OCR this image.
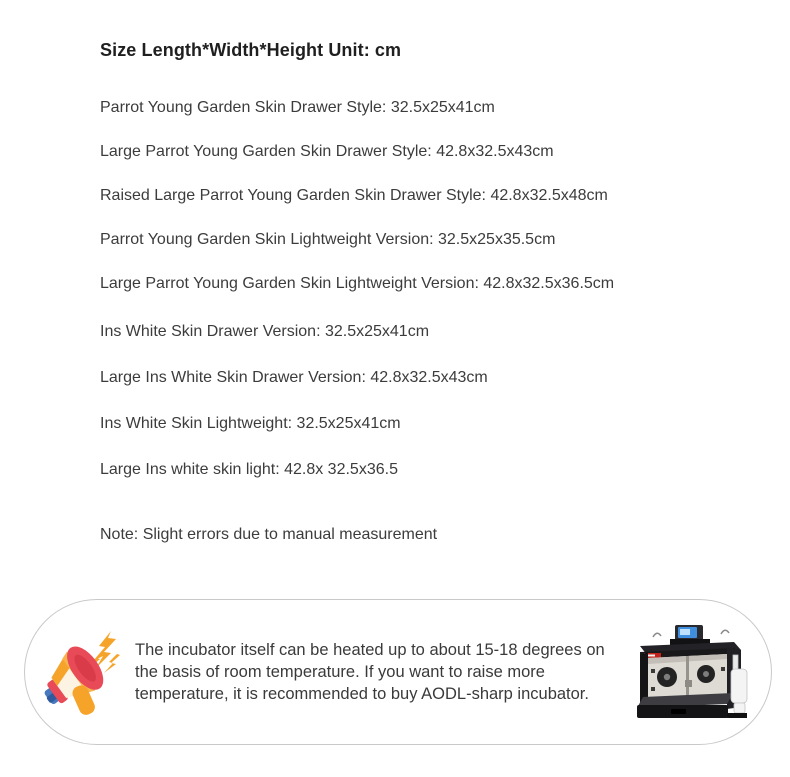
Size Length*Width*Height Unit: cm
Parrot Young Garden Skin Drawer Style: 32.5x25x41cm
Large Parrot Young Garden Skin Drawer Style: 42.8x32.5x43cm
Raised Large Parrot Young Garden Skin Drawer Style: 42.8x32.5x48cm
Parrot Young Garden Skin Lightweight Version: 32.5x25x35.5cm
Large Parrot Young Garden Skin Lightweight Version: 42.8x32.5x36.5cm
Ins White Skin Drawer Version: 32.5x25x41cm
Large Ins White Skin Drawer Version: 42.8x32.5x43cm
Ins White Skin Lightweight: 32.5x25x41cm
Large Ins white skin light: 42.8x 32.5x36.5
Note: Slight errors due to manual measurement
The incubator itself can be heated up to about 15-18 degrees on
the basis of room temperature. If you want to raise more
temperature, it is recommended to buy AODL-sharp incubator.
